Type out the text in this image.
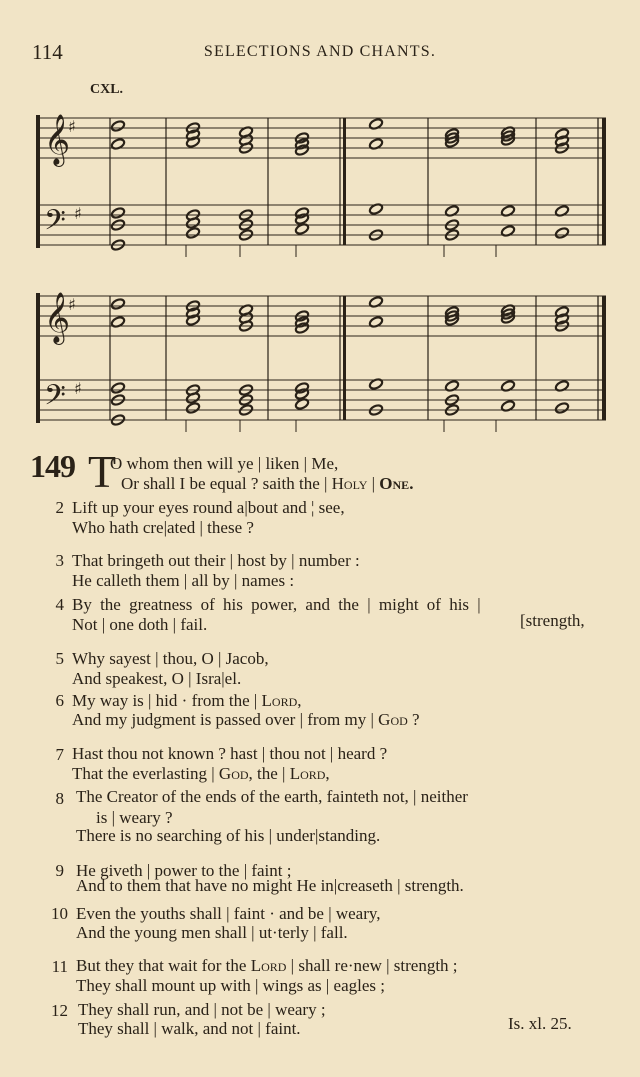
114	SELECTIONS AND CHANTS.
CXL.
𝄞
♯
𝄞
♯
𝄢 ♯
𝄢 ♯
149 T
O whom then will ye | liken | Me,
Or shall I be equal ? saith the | Holy | One.
2 Lift up your eyes round a|bout and ¦ see,
Who hath cre|ated | these ?
3 That bringeth out their | host by | number :
He calleth them | all by | names :
4 By the greatness of his power, and the | might of his |
Not | one doth | fail.	[strength,
5 Why sayest | thou, O | Jacob,
And speakest, O | Isra|el.
6 My way is | hid · from the | Lord,
And my judgment is passed over | from my | God ?
7 Hast thou not known ? hast | thou not | heard ?
That the everlasting | God, the | Lord,
8 The Creator of the ends of the earth, fainteth not, | neither
is | weary ?
There is no searching of his | under|standing.
9 He giveth | power to the | faint ;
And to them that have no might He in|creaseth | strength.
10 Even the youths shall | faint · and be | weary,
And the young men shall | ut·terly | fall.
11 But they that wait for the Lord | shall re·new | strength ;
They shall mount up with | wings as | eagles ;
12 They shall run, and | not be | weary ;
They shall | walk, and not | faint.	Is. xl. 25.
